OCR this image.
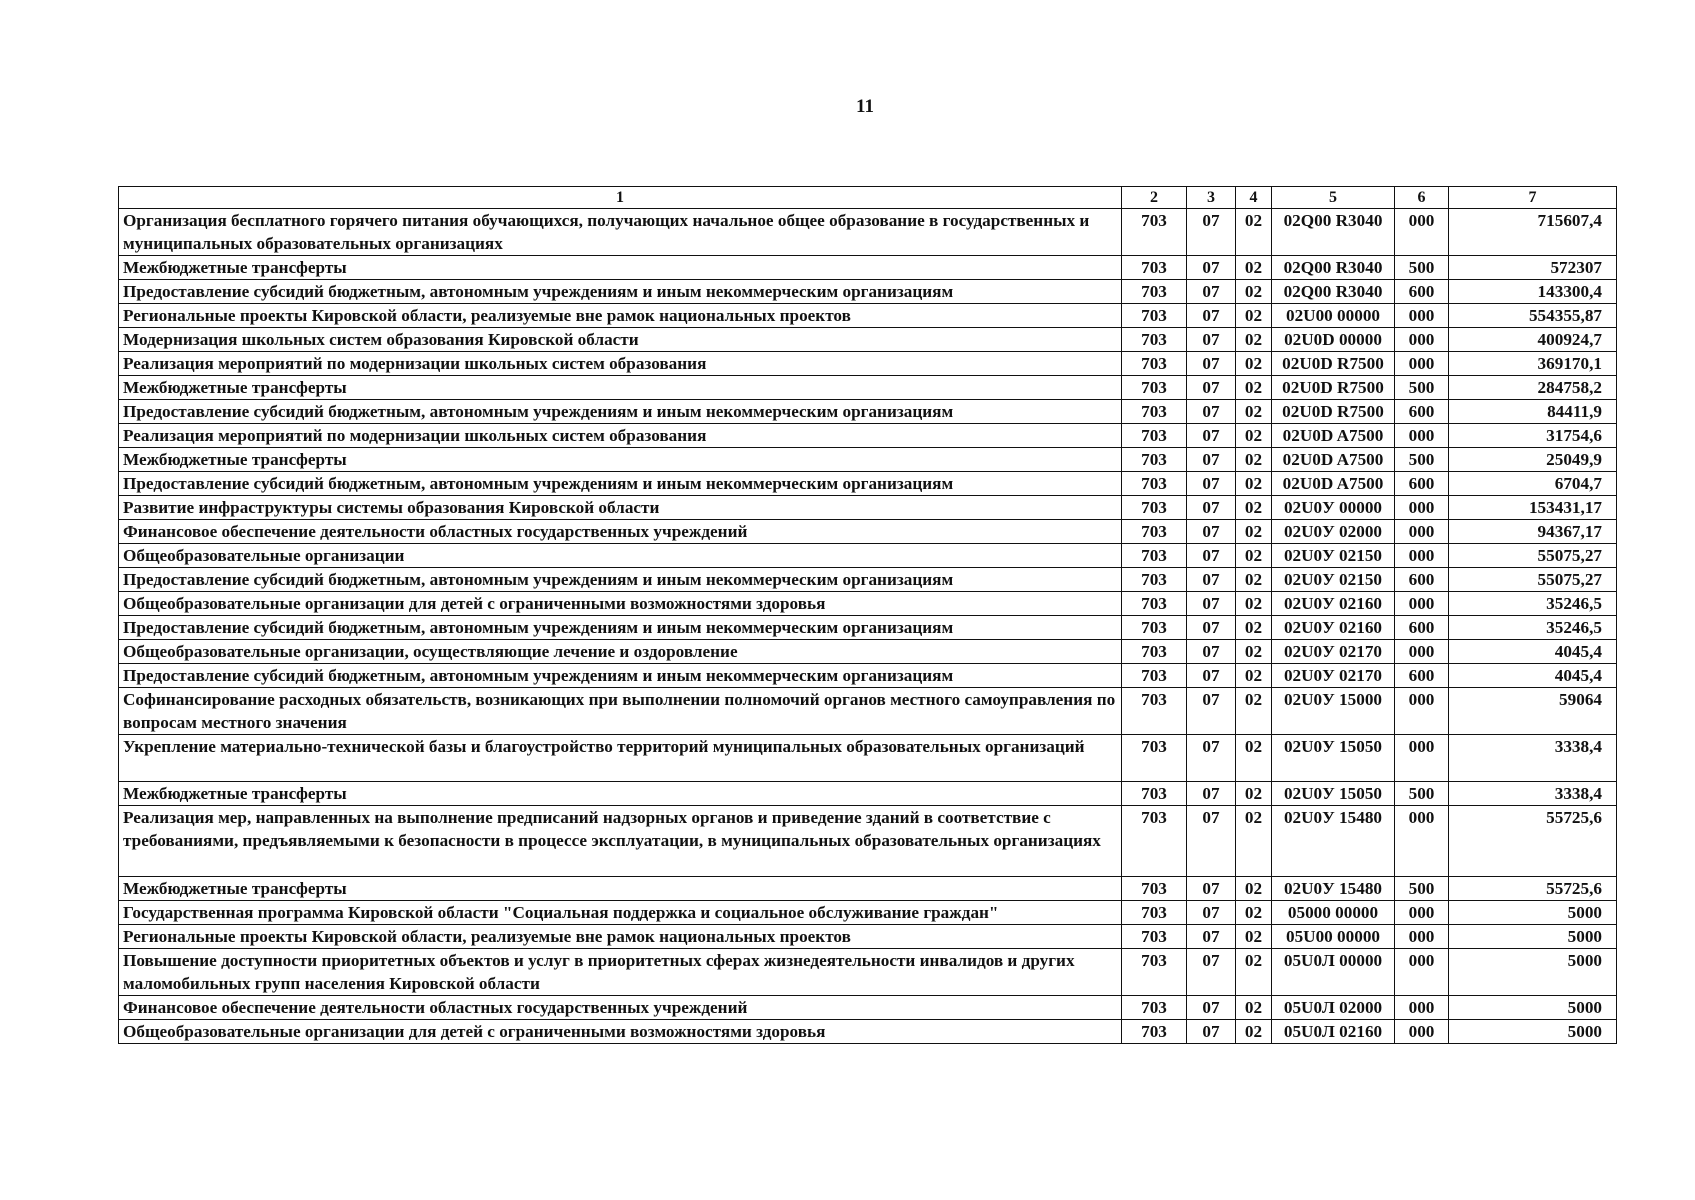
11
1	2	3	4	5	6	7
Организация бесплатного горячего питания обучающихся, получающих начальное общее образование в государственных и муниципальных образовательных организациях	703	07	02	02Q00 R3040	000	715607,4
Межбюджетные трансферты	703	07	02	02Q00 R3040	500	572307
Предоставление субсидий бюджетным, автономным учреждениям и иным некоммерческим организациям	703	07	02	02Q00 R3040	600	143300,4
Региональные проекты Кировской области, реализуемые вне рамок национальных проектов	703	07	02	02U00 00000	000	554355,87
Модернизация школьных систем образования Кировской области	703	07	02	02U0D 00000	000	400924,7
Реализация мероприятий по модернизации школьных систем образования	703	07	02	02U0D R7500	000	369170,1
Межбюджетные трансферты	703	07	02	02U0D R7500	500	284758,2
Предоставление субсидий бюджетным, автономным учреждениям и иным некоммерческим организациям	703	07	02	02U0D R7500	600	84411,9
Реализация мероприятий по модернизации школьных систем образования	703	07	02	02U0D A7500	000	31754,6
Межбюджетные трансферты	703	07	02	02U0D A7500	500	25049,9
Предоставление субсидий бюджетным, автономным учреждениям и иным некоммерческим организациям	703	07	02	02U0D A7500	600	6704,7
Развитие инфраструктуры системы образования Кировской области	703	07	02	02U0У 00000	000	153431,17
Финансовое обеспечение деятельности областных государственных учреждений	703	07	02	02U0У 02000	000	94367,17
Общеобразовательные организации	703	07	02	02U0У 02150	000	55075,27
Предоставление субсидий бюджетным, автономным учреждениям и иным некоммерческим организациям	703	07	02	02U0У 02150	600	55075,27
Общеобразовательные организации для детей с ограниченными возможностями здоровья	703	07	02	02U0У 02160	000	35246,5
Предоставление субсидий бюджетным, автономным учреждениям и иным некоммерческим организациям	703	07	02	02U0У 02160	600	35246,5
Общеобразовательные организации, осуществляющие лечение и оздоровление	703	07	02	02U0У 02170	000	4045,4
Предоставление субсидий бюджетным, автономным учреждениям и иным некоммерческим организациям	703	07	02	02U0У 02170	600	4045,4
Софинансирование расходных обязательств, возникающих при выполнении полномочий органов местного самоуправления по вопросам местного значения	703	07	02	02U0У 15000	000	59064
Укрепление материально-технической базы и благоустройство территорий муниципальных образовательных организаций	703	07	02	02U0У 15050	000	3338,4
Межбюджетные трансферты	703	07	02	02U0У 15050	500	3338,4
Реализация мер, направленных на выполнение предписаний надзорных органов и приведение зданий в соответствие с требованиями, предъявляемыми к безопасности в процессе эксплуатации, в муниципальных образовательных организациях	703	07	02	02U0У 15480	000	55725,6
Межбюджетные трансферты	703	07	02	02U0У 15480	500	55725,6
Государственная программа Кировской области "Социальная поддержка и социальное обслуживание граждан"	703	07	02	05000 00000	000	5000
Региональные проекты Кировской области, реализуемые вне рамок национальных проектов	703	07	02	05U00 00000	000	5000
Повышение доступности приоритетных объектов и услуг в приоритетных сферах жизнедеятельности инвалидов и других маломобильных групп населения Кировской области	703	07	02	05U0Л 00000	000	5000
Финансовое обеспечение деятельности областных государственных учреждений	703	07	02	05U0Л 02000	000	5000
Общеобразовательные организации для детей с ограниченными возможностями здоровья	703	07	02	05U0Л 02160	000	5000
